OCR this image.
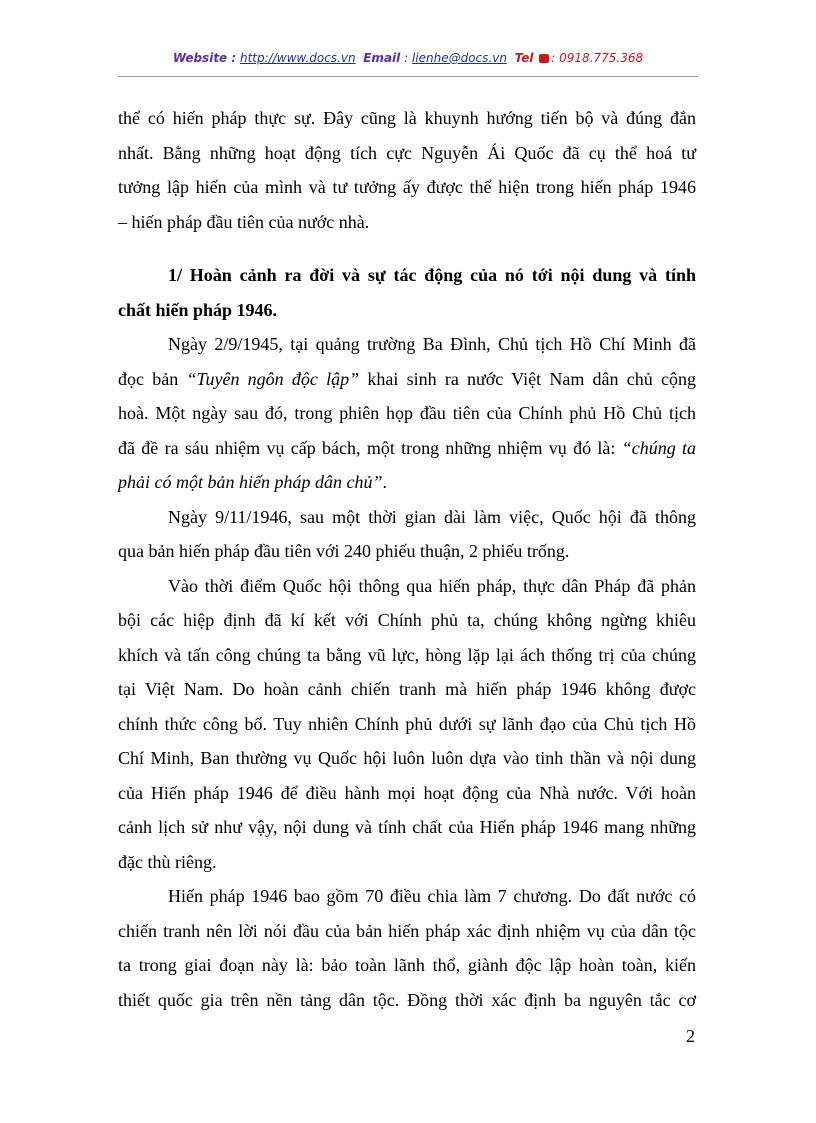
Website : http://www.docs.vn Email : lienhe@docs.vn Tel : 0918.775.368
thể có hiến pháp thực sự. Đây cũng là khuynh hướng tiến bộ và đúng đắn
nhất. Bằng những hoạt động tích cực Nguyễn Ái Quốc đã cụ thể hoá tư
tưởng lập hiến của mình và tư tưởng ấy được thể hiện trong hiến pháp 1946
– hiến pháp đầu tiên của nước nhà.
1/ Hoàn cảnh ra đời và sự tác động của nó tới nội dung và tính
chất hiến pháp 1946.
Ngày 2/9/1945, tại quảng trường Ba Đình, Chủ tịch Hồ Chí Minh đã
đọc bản “Tuyên ngôn độc lập” khai sinh ra nước Việt Nam dân chủ cộng
hoà. Một ngày sau đó, trong phiên họp đầu tiên của Chính phủ Hồ Chủ tịch
đã đề ra sáu nhiệm vụ cấp bách, một trong những nhiệm vụ đó là: “chúng ta
phải có một bản hiến pháp dân chủ”.
Ngày 9/11/1946, sau một thời gian dài làm việc, Quốc hội đã thông
qua bản hiến pháp đầu tiên với 240 phiếu thuận, 2 phiếu trống.
Vào thời điểm Quốc hội thông qua hiến pháp, thực dân Pháp đã phản
bội các hiệp định đã kí kết với Chính phủ ta, chúng không ngừng khiêu
khích và tấn công chúng ta bằng vũ lực, hòng lặp lại ách thống trị của chúng
tại Việt Nam. Do hoàn cảnh chiến tranh mà hiến pháp 1946 không được
chính thức công bố. Tuy nhiên Chính phủ dưới sự lãnh đạo của Chủ tịch Hồ
Chí Minh, Ban thường vụ Quốc hội luôn luôn dựa vào tinh thần và nội dung
của Hiến pháp 1946 để điều hành mọi hoạt động của Nhà nước. Với hoàn
cảnh lịch sử như vậy, nội dung và tính chất của Hiến pháp 1946 mang những
đặc thù riêng.
Hiến pháp 1946 bao gồm 70 điều chia làm 7 chương. Do đất nước có
chiến tranh nên lời nói đầu của bản hiến pháp xác định nhiệm vụ của dân tộc
ta trong giai đoạn này là: bảo toàn lãnh thổ, giành độc lập hoàn toàn, kiến
thiết quốc gia trên nền tảng dân tộc. Đồng thời xác định ba nguyên tắc cơ
2
